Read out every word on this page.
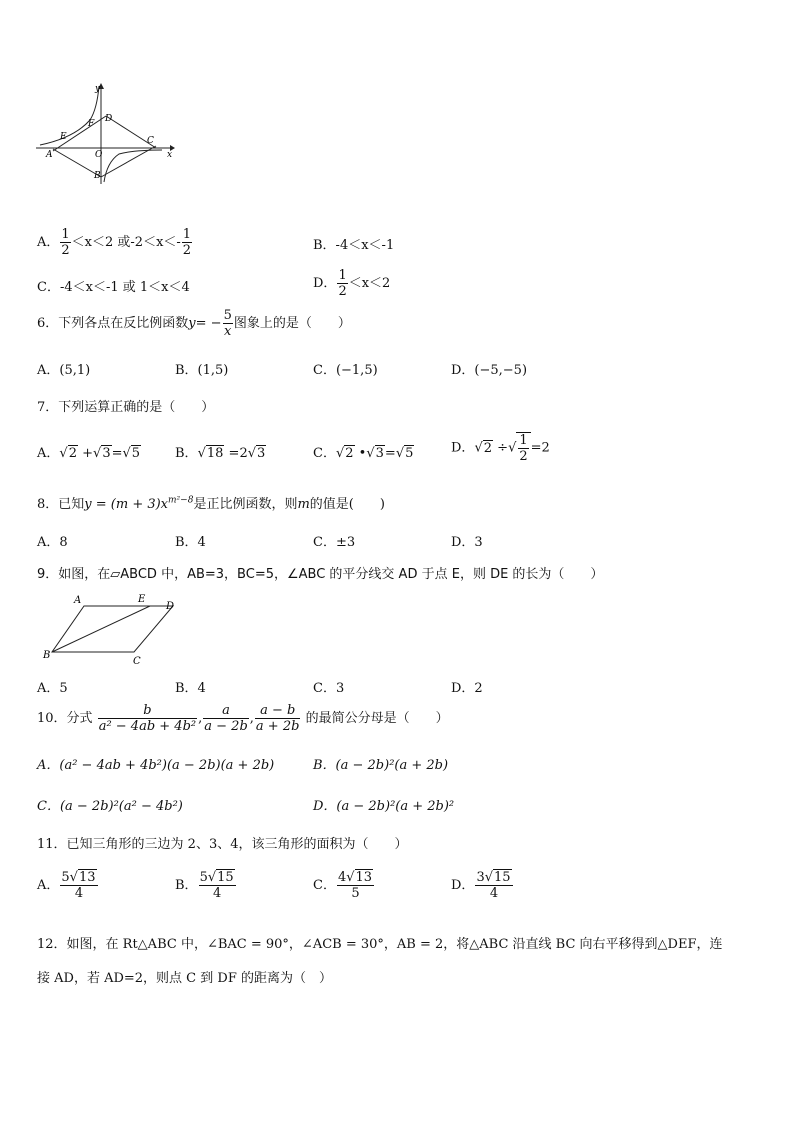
A
E
F D
C
O
B
x
y
A． $\frac{1}{2} <x<2$ 或$-2<x<- \frac{1}{2}$	B．-4＜x＜-1
C．-4＜x＜-1 或 1＜x＜4	D． $\frac{1}{2} <x<2$
6．下列各点在反比例函数$y= - \frac{5}{x}$ 图象上的是（　　）
A．(5,1)	B．(1,5)	C．(−1,5)	D．(−5,−5)
7．下列运算正确的是（　　）
A．√2 +√3=√5	B．√18 =2√3	C．√2 •√3=√5	D．√2 ÷√ $\frac{1}{2} =2$
8．已知$y = (m + 3)x^{m^2-8}$是正比例函数，则m的值是(　　)
A．8	B．4	C．±3	D．3
9．如图，在▱ABCD 中，AB=3，BC=5，∠ABC 的平分线交 AD 于点 E，则 DE 的长为（　　）
A	E
D
B
C
A．5	B．4	C．3	D．2
10．分式 $\frac{b}{\text{a² − 4ab + 4b²}}$ , $\frac{a}{a - 2b}$ , $\frac{a - b}{a + 2b}$ 的最简公分母是（　　）
A．(a² − 4ab + 4b²)(a − 2b)(a + 2b)	B．(a − 2b)²(a + 2b)
C．(a − 2b)²(a² − 4b²)	D．(a − 2b)²(a + 2b)²
11．已知三角形的三边为 2、3、4，该三角形的面积为（　　）
A． $\frac{5√13}{4}$	B． $\frac{5√15}{4}$	C． $\frac{4√13}{5}$	D． $\frac{3√15}{4}$
12．如图，在 Rt△ABC 中，∠BAC = 90°，∠ACB = 30°，AB = 2，将△ABC 沿直线 BC 向右平移得到△DEF，连
接 AD，若 AD=2，则点 C 到 DF 的距离为（　）
